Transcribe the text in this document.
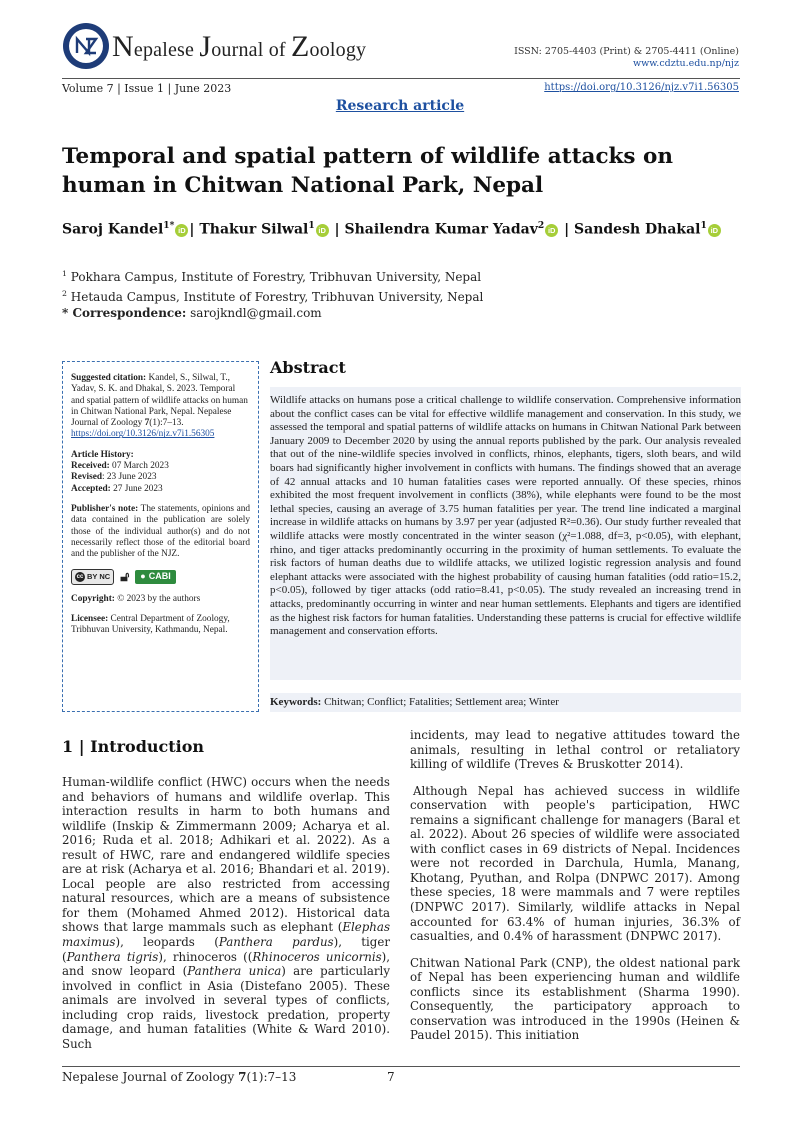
Nepalese Journal of Zoology	ISSN: 2705-4403 (Print) & 2705-4411 (Online)
www.cdztu.edu.np/njz
Volume 7 | Issue 1 | June 2023	https://doi.org/10.3126/njz.v7i1.56305
Research article
Temporal and spatial pattern of wildlife attacks on human in Chitwan National Park, Nepal
Saroj Kandel$^{1*}$ iD | Thakur Silwal$^1$ iD | Shailendra Kumar Yadav$^2$ iD | Sandesh Dhakal$^1$ iD
$^1$ Pokhara Campus, Institute of Forestry, Tribhuvan University, Nepal
$^2$ Hetauda Campus, Institute of Forestry, Tribhuvan University, Nepal
* Correspondence: sarojkndl@gmail.com

Suggested citation: Kandel, S., Silwal, T., Yadav, S. K. and Dhakal, S. 2023. Temporal and spatial pattern of wildlife attacks on human in Chitwan National Park, Nepal. Nepalese Journal of Zoology 7(1):7–13.
https://doi.org/10.3126/njz.v7i1.56305

Article History:
Received: 07 March 2023
Revised: 23 June 2023
Accepted: 27 June 2023

Publisher's note: The statements, opinions and data contained in the publication are solely those of the individual author(s) and do not necessarily reflect those of the editorial board and the publisher of the NJZ.

cc BY NC 🔓︎	● CABI

Copyright: © 2023 by the authors

Licensee: Central Department of Zoology, Tribhuvan University, Kathmandu, Nepal.

Abstract
Wildlife attacks on humans pose a critical challenge to wildlife conservation. Comprehensive information about the conflict cases can be vital for effective wildlife management and conservation. In this study, we assessed the temporal and spatial patterns of wildlife attacks on humans in Chitwan National Park between January 2009 to December 2020 by using the annual reports published by the park. Our analysis revealed that out of the nine-wildlife species involved in conflicts, rhinos, elephants, tigers, sloth bears, and wild boars had significantly higher involvement in conflicts with humans. The findings showed that an average of 42 annual attacks and 10 human fatalities cases were reported annually. Of these species, rhinos exhibited the most frequent involvement in conflicts (38%), while elephants were found to be the most lethal species, causing an average of 3.75 human fatalities per year. The trend line indicated a marginal increase in wildlife attacks on humans by 3.97 per year (adjusted R²=0.36). Our study further revealed that wildlife attacks were mostly concentrated in the winter season (χ²=1.088, df=3, p<0.05), with elephant, rhino, and tiger attacks predominantly occurring in the proximity of human settlements. To evaluate the risk factors of human deaths due to wildlife attacks, we utilized logistic regression analysis and found elephant attacks were associated with the highest probability of causing human fatalities (odd ratio=15.2, p<0.05), followed by tiger attacks (odd ratio=8.41, p<0.05). The study revealed an increasing trend in attacks, predominantly occurring in winter and near human settlements. Elephants and tigers are identified as the highest risk factors for human fatalities. Understanding these patterns is crucial for effective wildlife management and conservation efforts.
Keywords: Chitwan; Conflict; Fatalities; Settlement area; Winter
1 | Introduction

Human-wildlife conflict (HWC) occurs when the needs and behaviors of humans and wildlife overlap. This interaction results in harm to both humans and wildlife (Inskip & Zimmermann 2009; Acharya et al. 2016; Ruda et al. 2018; Adhikari et al. 2022). As a result of HWC, rare and endangered wildlife species are at risk (Acharya et al. 2016; Bhandari et al. 2019). Local people are also restricted from accessing natural resources, which are a means of subsistence for them (Mohamed Ahmed 2012). Historical data shows that large mammals such as elephant (Elephas maximus), leopards (Panthera pardus), tiger (Panthera tigris), rhinoceros ((Rhinoceros unicornis), and snow leopard (Panthera unica) are particularly involved in conflict in Asia (Distefano 2005). These animals are involved in several types of conflicts, including crop raids, livestock predation, property damage, and human fatalities (White & Ward 2010). Such

incidents, may lead to negative attitudes toward the animals, resulting in lethal control or retaliatory killing of wildlife (Treves & Bruskotter 2014).

Although Nepal has achieved success in wildlife conservation with people's participation, HWC remains a significant challenge for managers (Baral et al. 2022). About 26 species of wildlife were associated with conflict cases in 69 districts of Nepal. Incidences were not recorded in Darchula, Humla, Manang, Khotang, Pyuthan, and Rolpa (DNPWC 2017). Among these species, 18 were mammals and 7 were reptiles (DNPWC 2017). Similarly, wildlife attacks in Nepal accounted for 63.4% of human injuries, 36.3% of casualties, and 0.4% of harassment (DNPWC 2017).

Chitwan National Park (CNP), the oldest national park of Nepal has been experiencing human and wildlife conflicts since its establishment (Sharma 1990). Consequently, the participatory approach to conservation was introduced in the 1990s (Heinen & Paudel 2015). This initiation

Nepalese Journal of Zoology 7(1):7–13	7
